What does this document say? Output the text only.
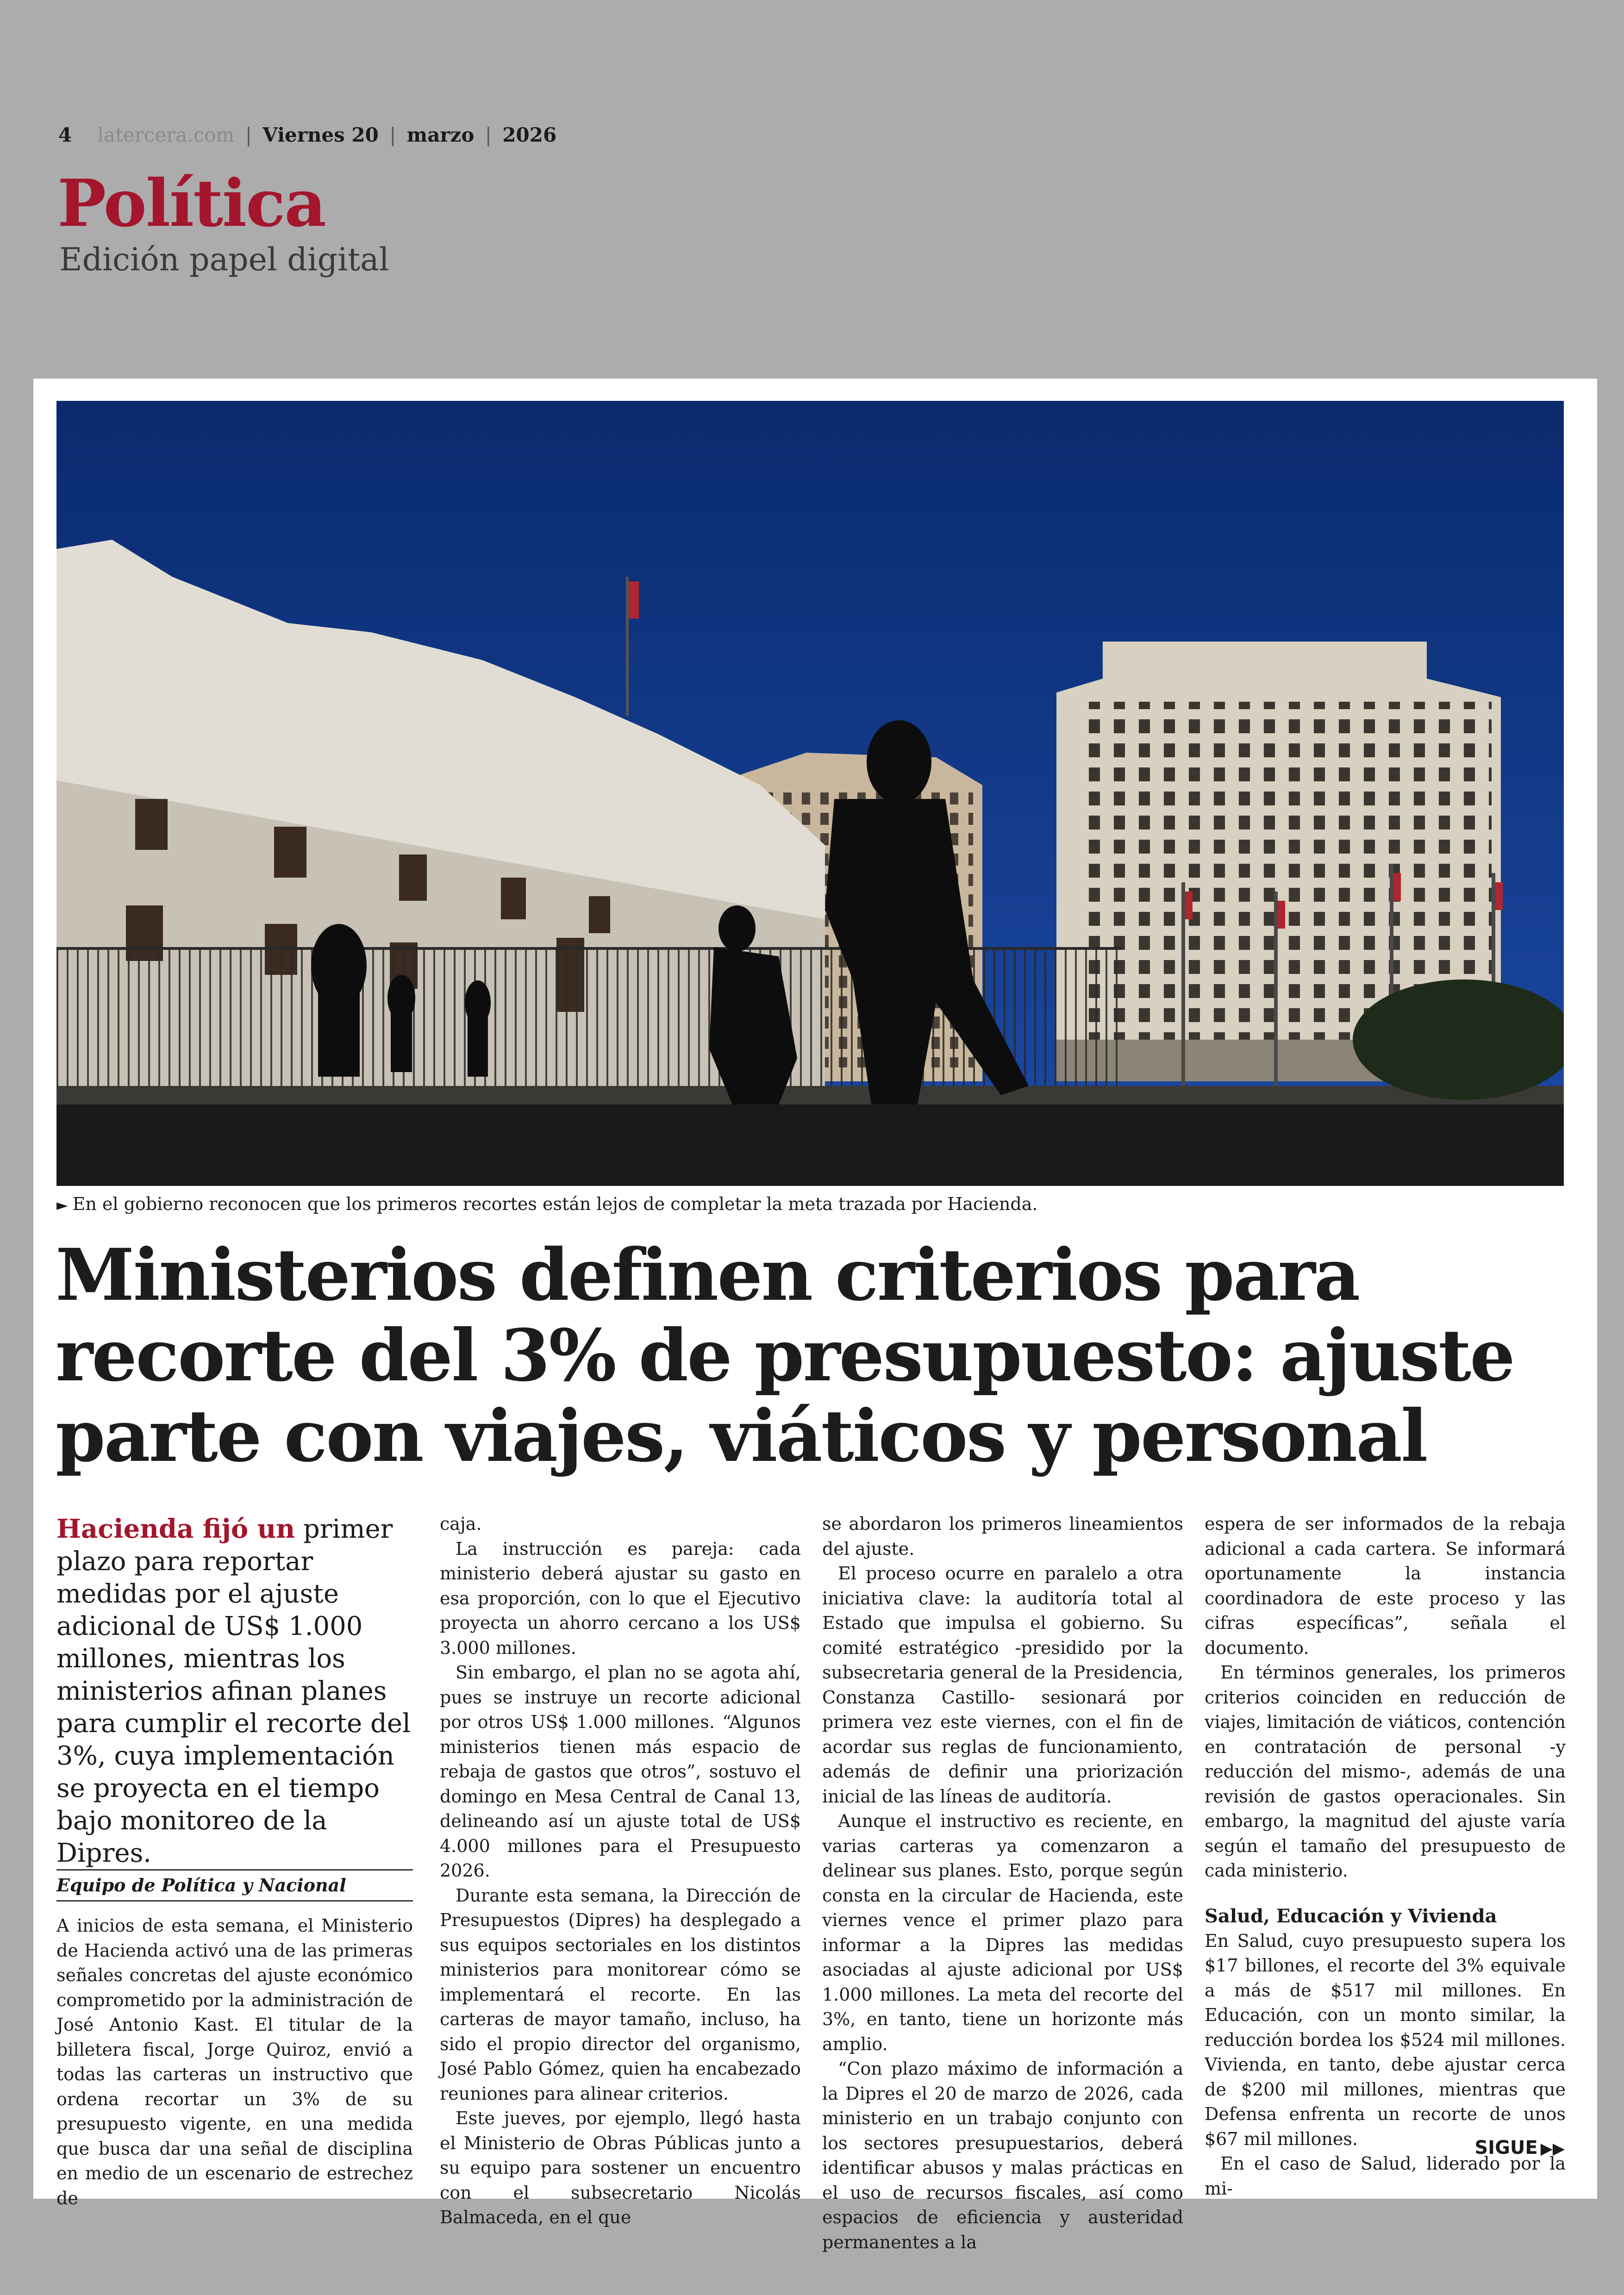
4 latercera.com | Viernes 20 | marzo | 2026
Política
Edición papel digital
► En el gobierno reconocen que los primeros recortes están lejos de completar la meta trazada por Hacienda.
Ministerios definen criterios para recorte del 3% de presupuesto: ajuste parte con viajes, viáticos y personal
Hacienda fijó un primer plazo para reportar medidas por el ajuste adicional de US$ 1.000 millones, mientras los ministerios afinan planes para cumplir el recorte del 3%, cuya implementación se proyecta en el tiempo bajo monitoreo de la Dipres.
Equipo de Política y Nacional

A inicios de esta semana, el Ministerio de Hacienda activó una de las primeras señales concretas del ajuste económico comprometido por la administración de José Antonio Kast. El titular de la billetera fiscal, Jorge Quiroz, envió a todas las carteras un instructivo que ordena recortar un 3% de su presupuesto vigente, en una medida que busca dar una señal de disciplina en medio de un escenario de estrechez de

caja.

La instrucción es pareja: cada ministerio deberá ajustar su gasto en esa proporción, con lo que el Ejecutivo proyecta un ahorro cercano a los US$ 3.000 millones.

Sin embargo, el plan no se agota ahí, pues se instruye un recorte adicional por otros US$ 1.000 millones. “Algunos ministerios tienen más espacio de rebaja de gastos que otros”, sostuvo el domingo en Mesa Central de Canal 13, delineando así un ajuste total de US$ 4.000 millones para el Presupuesto 2026.

Durante esta semana, la Dirección de Presupuestos (Dipres) ha desplegado a sus equipos sectoriales en los distintos ministerios para monitorear cómo se implementará el recorte. En las carteras de mayor tamaño, incluso, ha sido el propio director del organismo, José Pablo Gómez, quien ha encabezado reuniones para alinear criterios.

Este jueves, por ejemplo, llegó hasta el Ministerio de Obras Públicas junto a su equipo para sostener un encuentro con el subsecretario Nicolás Balmaceda, en el que

se abordaron los primeros lineamientos del ajuste.

El proceso ocurre en paralelo a otra iniciativa clave: la auditoría total al Estado que impulsa el gobierno. Su comité estratégico -presidido por la subsecretaria general de la Presidencia, Constanza Castillo- sesionará por primera vez este viernes, con el fin de acordar sus reglas de funcionamiento, además de definir una priorización inicial de las líneas de auditoría.

Aunque el instructivo es reciente, en varias carteras ya comenzaron a delinear sus planes. Esto, porque según consta en la circular de Hacienda, este viernes vence el primer plazo para informar a la Dipres las medidas asociadas al ajuste adicional por US$ 1.000 millones. La meta del recorte del 3%, en tanto, tiene un horizonte más amplio.

“Con plazo máximo de información a la Dipres el 20 de marzo de 2026, cada ministerio en un trabajo conjunto con los sectores presupuestarios, deberá identificar abusos y malas prácticas en el uso de recursos fiscales, así como espacios de eficiencia y austeridad permanentes a la

espera de ser informados de la rebaja adicional a cada cartera. Se informará oportunamente la instancia coordinadora de este proceso y las cifras específicas”, señala el documento.

En términos generales, los primeros criterios coinciden en reducción de viajes, limitación de viáticos, contención en contratación de personal -y reducción del mismo-, además de una revisión de gastos operacionales. Sin embargo, la magnitud del ajuste varía según el tamaño del presupuesto de cada ministerio.

Salud, Educación y Vivienda

En Salud, cuyo presupuesto supera los $17 billones, el recorte del 3% equivale a más de $517 mil millones. En Educación, con un monto similar, la reducción bordea los $524 mil millones. Vivienda, en tanto, debe ajustar cerca de $200 mil millones, mientras que Defensa enfrenta un recorte de unos $67 mil millones.

En el caso de Salud, liderado por la mi-

SIGUE ▶▶
